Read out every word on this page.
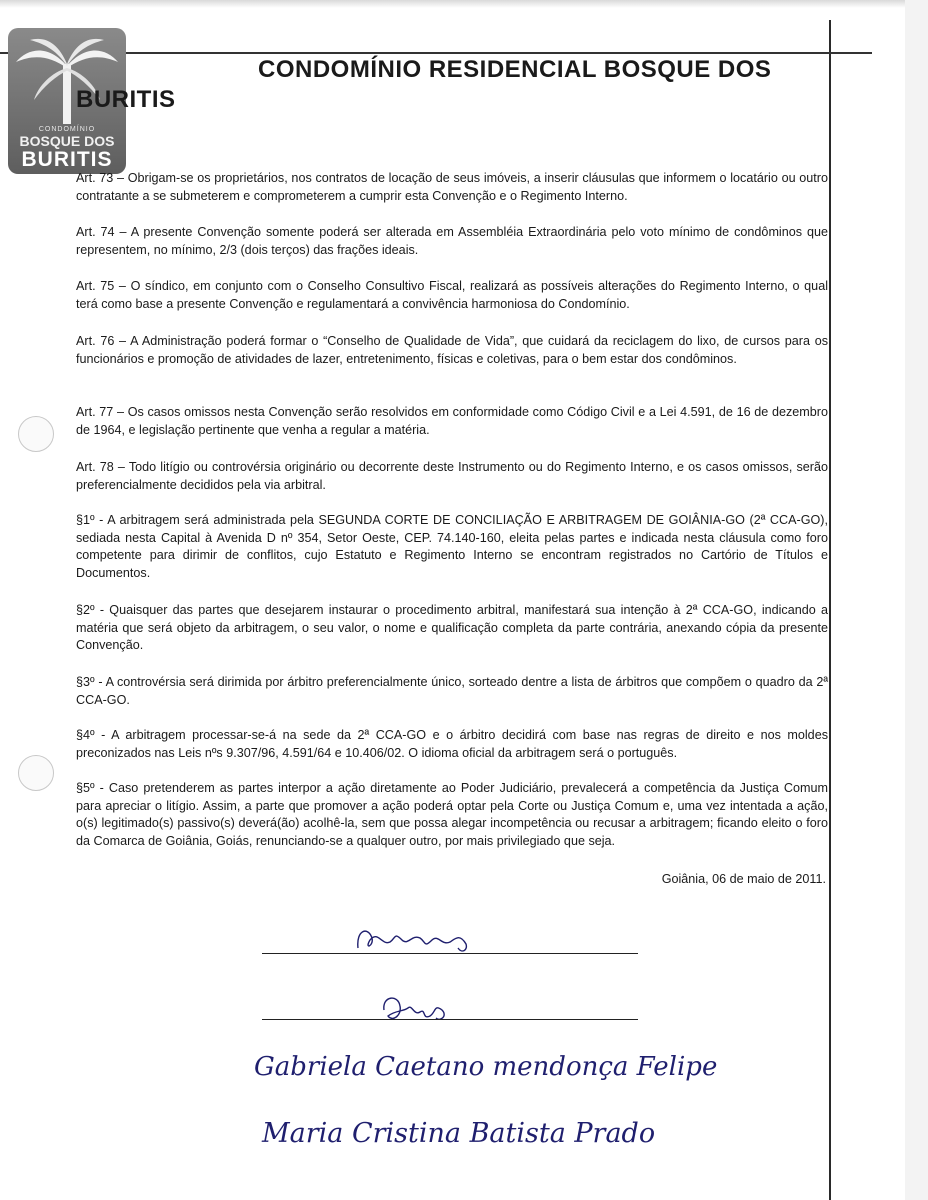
CONDOMÍNIO
BOSQUE DOS
BURITIS
CONDOMÍNIO RESIDENCIAL BOSQUE DOS
BURITIS

Art. 73 – Obrigam-se os proprietários, nos contratos de locação de seus imóveis, a inserir cláusulas que informem o locatário ou outro contratante a se submeterem e comprometerem a cumprir esta Convenção e o Regimento Interno.

Art. 74 – A presente Convenção somente poderá ser alterada em Assembléia Extraordinária pelo voto mínimo de condôminos que representem, no mínimo, 2/3 (dois terços) das frações ideais.

Art. 75 – O síndico, em conjunto com o Conselho Consultivo Fiscal, realizará as possíveis alterações do Regimento Interno, o qual terá como base a presente Convenção e regulamentará a convivência harmoniosa do Condomínio.

Art. 76 – A Administração poderá formar o “Conselho de Qualidade de Vida”, que cuidará da reciclagem do lixo, de cursos para os funcionários e promoção de atividades de lazer, entretenimento, físicas e coletivas, para o bem estar dos condôminos.

Art. 77 – Os casos omissos nesta Convenção serão resolvidos em conformidade como Código Civil e a Lei 4.591, de 16 de dezembro de 1964, e legislação pertinente que venha a regular a matéria.

Art. 78 – Todo litígio ou controvérsia originário ou decorrente deste Instrumento ou do Regimento Interno, e os casos omissos, serão preferencialmente decididos pela via arbitral.

§1º - A arbitragem será administrada pela SEGUNDA CORTE DE CONCILIAÇÃO E ARBITRAGEM DE GOIÂNIA-GO (2ª CCA-GO), sediada nesta Capital à Avenida D nº 354, Setor Oeste, CEP. 74.140-160, eleita pelas partes e indicada nesta cláusula como foro competente para dirimir de conflitos, cujo Estatuto e Regimento Interno se encontram registrados no Cartório de Títulos e Documentos.

§2º - Quaisquer das partes que desejarem instaurar o procedimento arbitral, manifestará sua intenção à 2ª CCA-GO, indicando a matéria que será objeto da arbitragem, o seu valor, o nome e qualificação completa da parte contrária, anexando cópia da presente Convenção.

§3º - A controvérsia será dirimida por árbitro preferencialmente único, sorteado dentre a lista de árbitros que compõem o quadro da 2ª CCA-GO.

§4º - A arbitragem processar-se-á na sede da 2ª CCA-GO e o árbitro decidirá com base nas regras de direito e nos moldes preconizados nas Leis nºs 9.307/96, 4.591/64 e 10.406/02. O idioma oficial da arbitragem será o português.

§5º - Caso pretenderem as partes interpor a ação diretamente ao Poder Judiciário, prevalecerá a competência da Justiça Comum para apreciar o litígio. Assim, a parte que promover a ação poderá optar pela Corte ou Justiça Comum e, uma vez intentada a ação, o(s) legitimado(s) passivo(s) deverá(ão) acolhê-la, sem que possa alegar incompetência ou recusar a arbitragem; ficando eleito o foro da Comarca de Goiânia, Goiás, renunciando-se a qualquer outro, por mais privilegiado que seja.

Goiânia, 06 de maio de 2011.
Gabriela Caetano mendonça Felipe
Maria Cristina Batista Prado
